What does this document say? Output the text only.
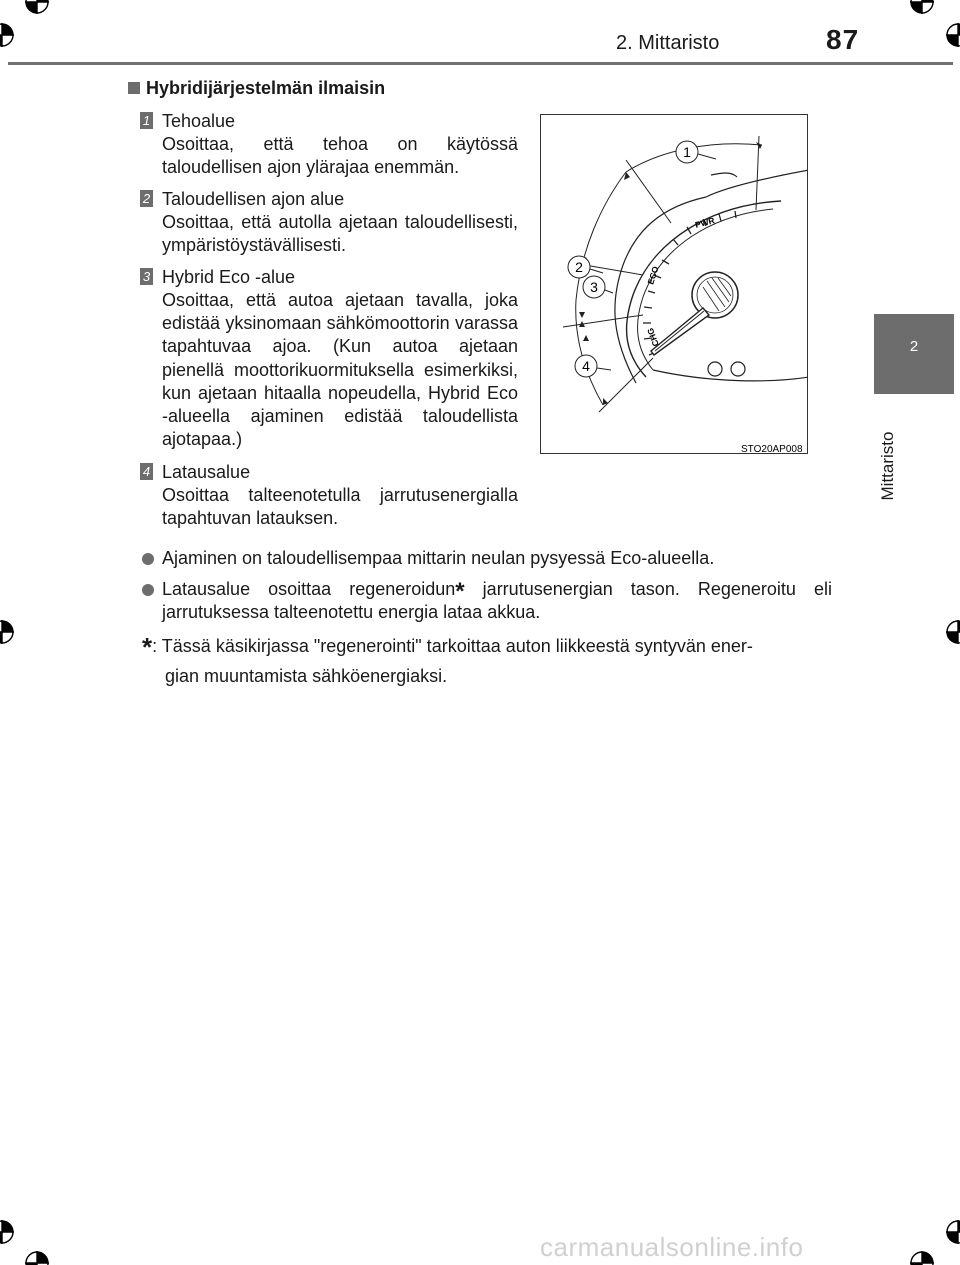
2. Mittaristo	87
2
Mittaristo
Hybridijärjestelmän ilmaisin
1 Tehoalue
Osoittaa, että tehoa on käytössä taloudellisen ajon ylärajaa enemmän.
2 Taloudellisen ajon alue
Osoittaa, että autolla ajetaan taloudellisesti, ympäristöystävällisesti.
3 Hybrid Eco -alue
Osoittaa, että autoa ajetaan tavalla, joka edistää yksinomaan sähkömoottorin varassa tapahtuvaa ajoa. (Kun autoa ajetaan pienellä moottorikuormituksella esimerkiksi, kun ajetaan hitaalla nopeudella, Hybrid Eco -alueella ajaminen edistää taloudellista ajotapaa.)
4 Latausalue
Osoittaa talteenotetulla jarrutusenergialla tapahtuvan latauksen.
PWR
ECO
CHG
1
2
3
4
STO20AP008
Ajaminen on taloudellisempaa mittarin neulan pysyessä Eco-alueella.
Latausalue osoittaa regeneroidun* jarrutusenergian tason. Regeneroitu eli jarrutuksessa talteenotettu energia lataa akkua.
*: Tässä käsikirjassa "regenerointi" tarkoittaa auton liikkeestä syntyvän ener-
gian muuntamista sähköenergiaksi.
carmanualsonline.info
